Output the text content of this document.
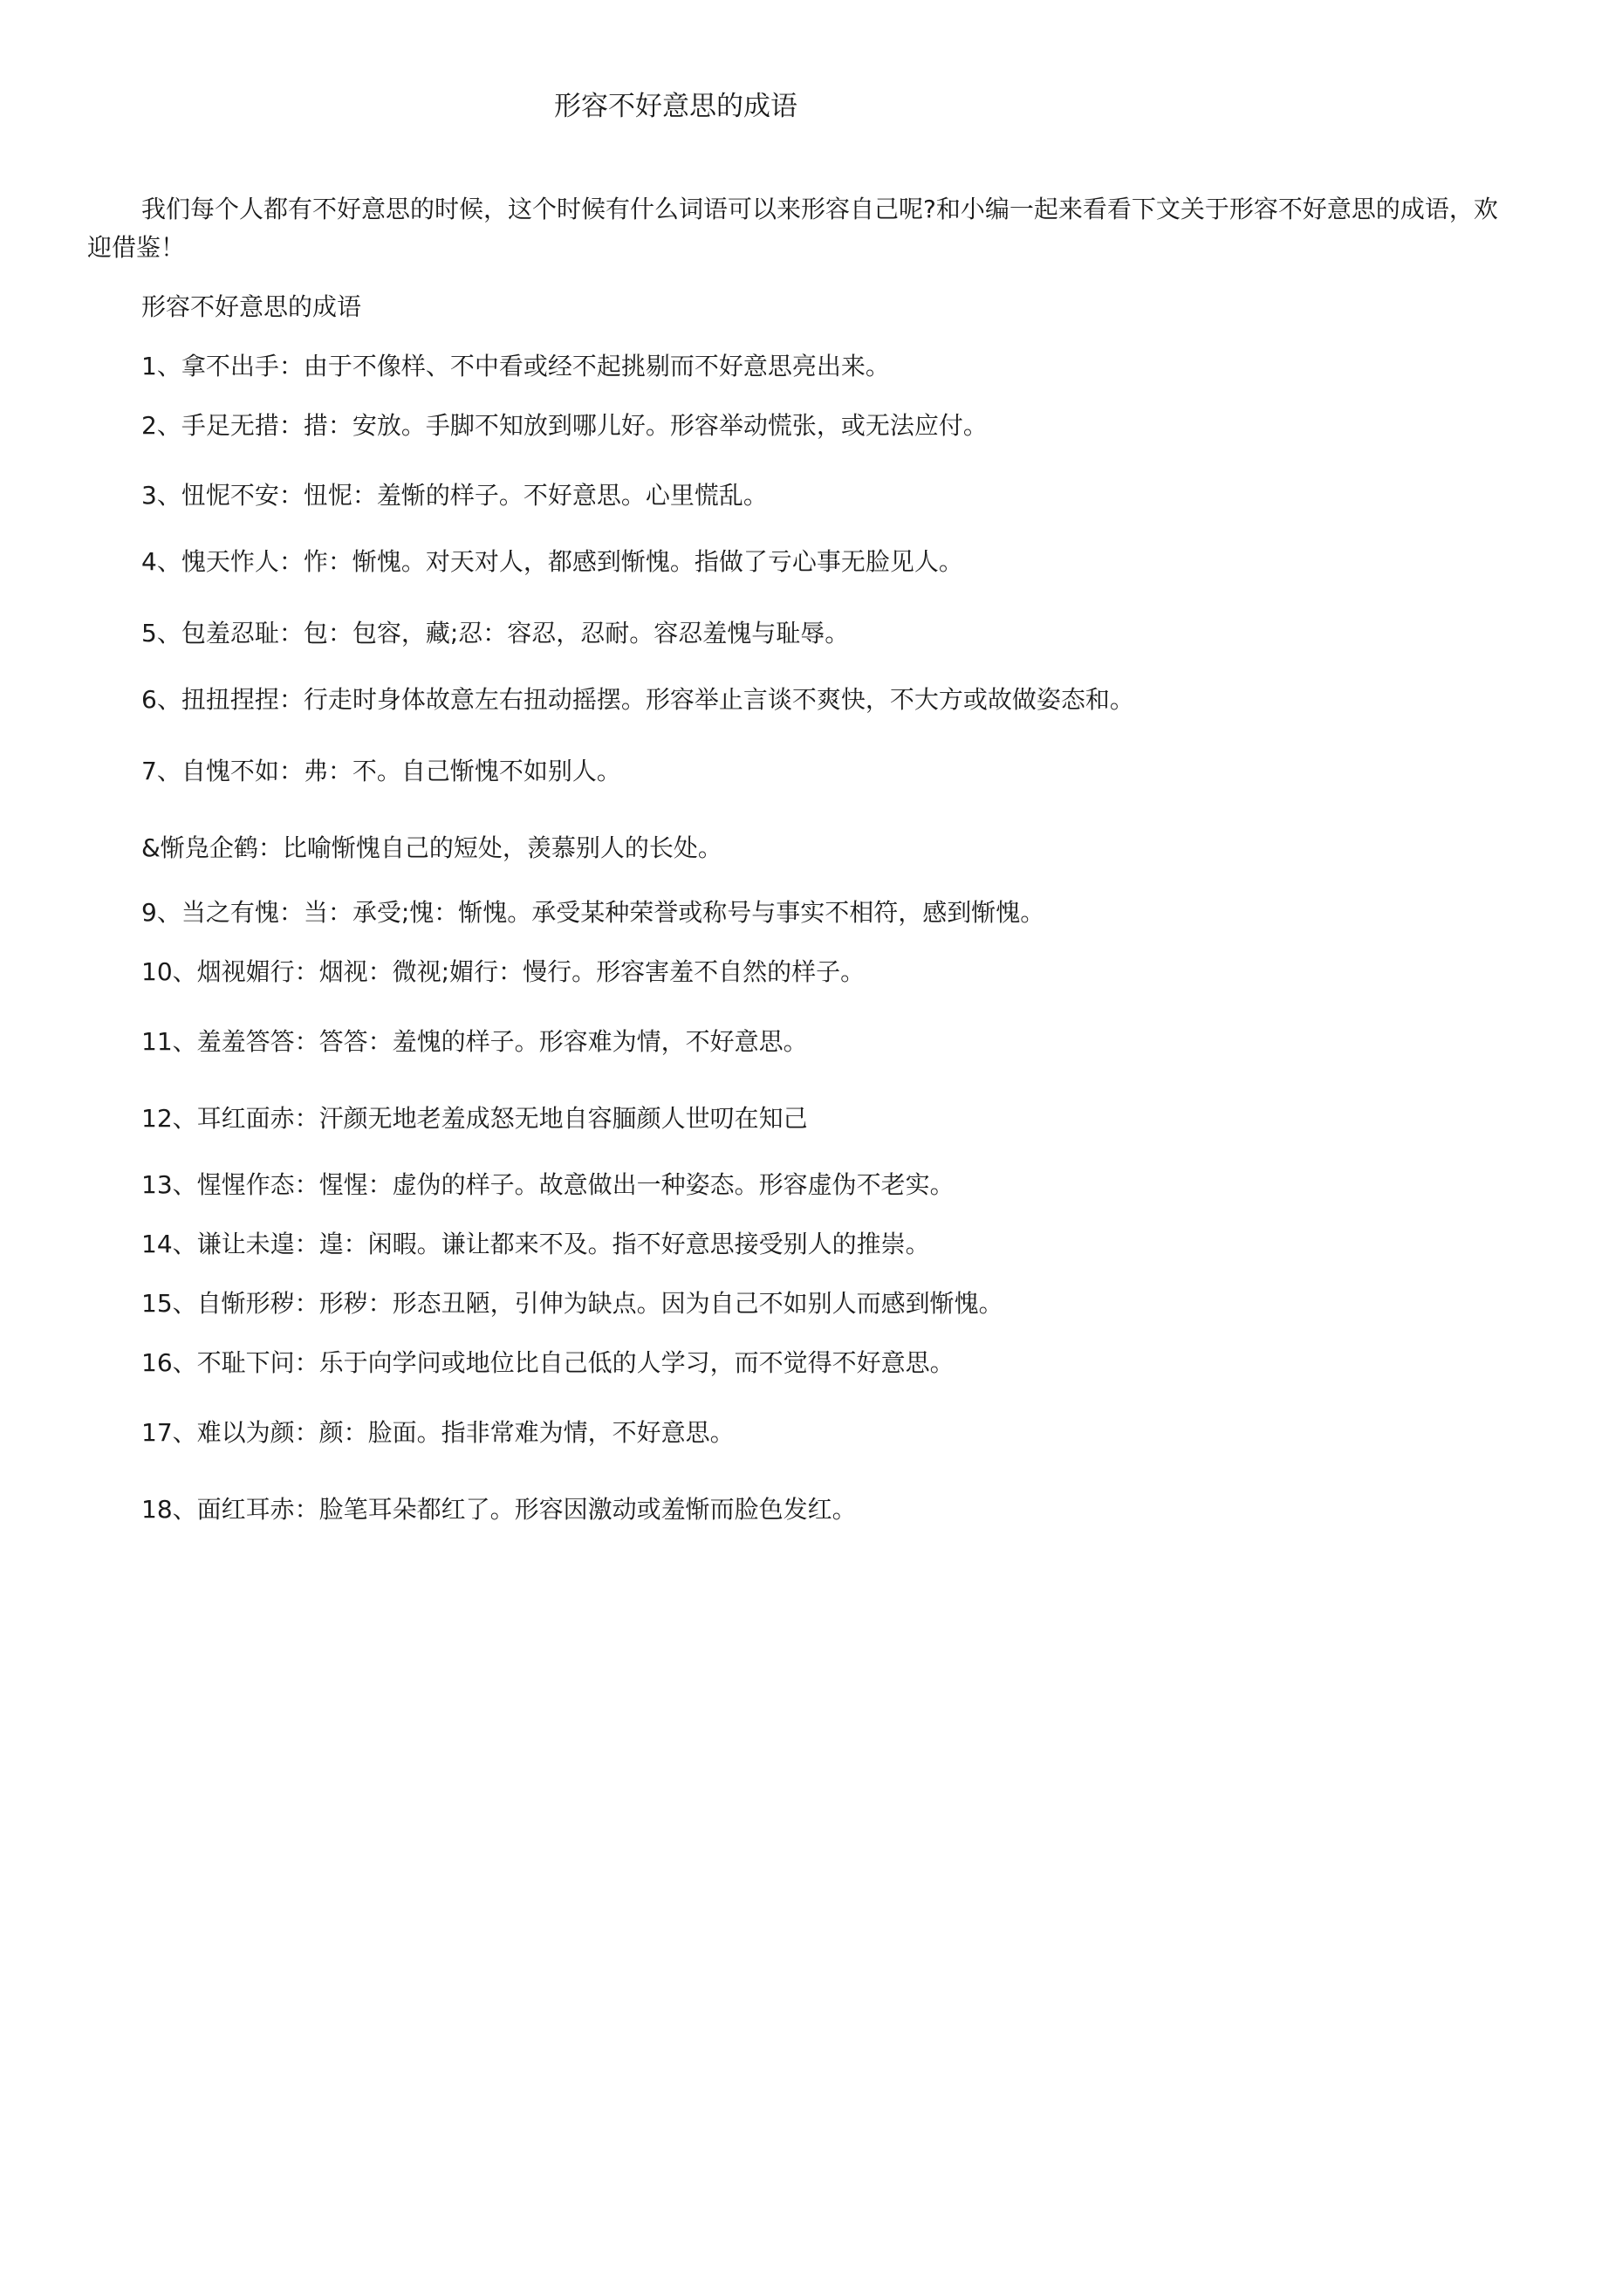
形容不好意思的成语
我们每个人都有不好意思的时候，这个时候有什么词语可以来形容自己呢?和小编一起来看看下文关于形容不好意思的成语，欢迎借鉴！
形容不好意思的成语
1、拿不出手：由于不像样、不中看或经不起挑剔而不好意思亮出来。
2、手足无措：措：安放。手脚不知放到哪儿好。形容举动慌张，或无法应付。
3、忸怩不安：忸怩：羞惭的样子。不好意思。心里慌乱。
4、愧天怍人：怍：惭愧。对天对人，都感到惭愧。指做了亏心事无脸见人。
5、包羞忍耻：包：包容，藏;忍：容忍，忍耐。容忍羞愧与耻辱。
6、扭扭捏捏：行走时身体故意左右扭动摇摆。形容举止言谈不爽快，不大方或故做姿态和。
7、自愧不如：弗：不。自己惭愧不如别人。
&惭凫企鹤：比喻惭愧自己的短处，羡慕别人的长处。
9、当之有愧：当：承受;愧：惭愧。承受某种荣誉或称号与事实不相符，感到惭愧。
10、烟视媚行：烟视：微视;媚行：慢行。形容害羞不自然的样子。
11、羞羞答答：答答：羞愧的样子。形容难为情，不好意思。
12、耳红面赤：汗颜无地老羞成怒无地自容腼颜人世叨在知己
13、惺惺作态：惺惺：虚伪的样子。故意做出一种姿态。形容虚伪不老实。
14、谦让未遑：遑：闲暇。谦让都来不及。指不好意思接受别人的推崇。
15、自惭形秽：形秽：形态丑陋，引伸为缺点。因为自己不如别人而感到惭愧。
16、不耻下问：乐于向学问或地位比自己低的人学习，而不觉得不好意思。
17、难以为颜：颜：脸面。指非常难为情，不好意思。
18、面红耳赤：脸笔耳朵都红了。形容因激动或羞惭而脸色发红。
